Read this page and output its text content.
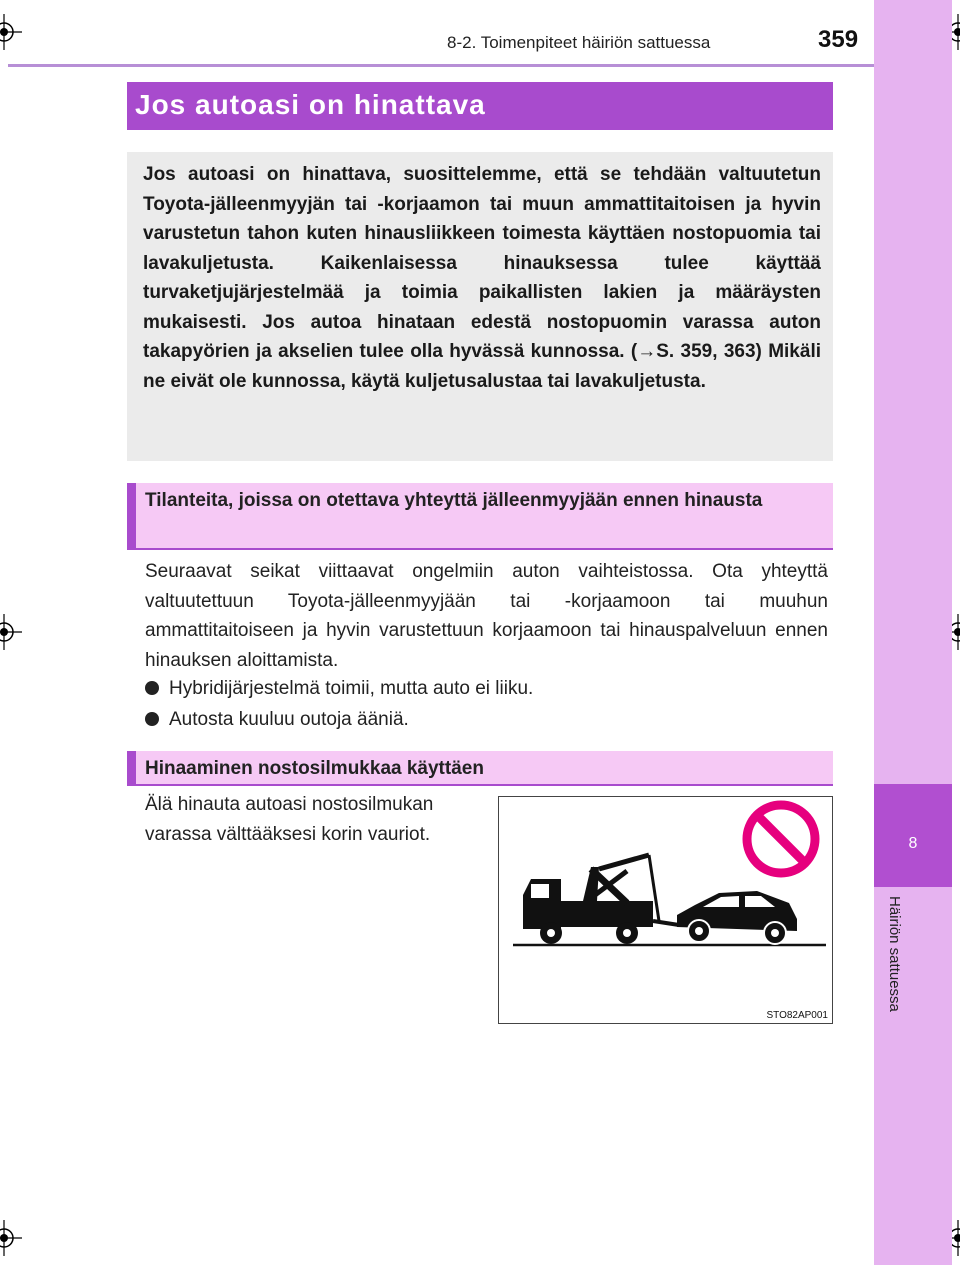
8
Häiriön sattuessa
8-2. Toimenpiteet häiriön sattuessa	359
Jos autoasi on hinattava

Jos autoasi on hinattava, suosittelemme, että se tehdään valtuutetun Toyota-jälleenmyyjän tai -korjaamon tai muun ammattitaitoisen ja hyvin varustetun tahon kuten hinausliikkeen toimesta käyttäen nostopuomia tai lavakuljetusta. Kaikenlaisessa hinauksessa tulee käyttää turvaketjujärjestelmää ja toimia paikallisten lakien ja määräysten mukaisesti. Jos autoa hinataan edestä nostopuomin varassa auton takapyörien ja akselien tulee olla hyvässä kunnossa. (→S. 359, 363) Mikäli ne eivät ole kunnossa, käytä kuljetusalustaa tai lavakuljetusta.

Tilanteita, joissa on otettava yhteyttä jälleenmyyjään ennen hinausta

Seuraavat seikat viittaavat ongelmiin auton vaihteistossa. Ota yhteyttä valtuutettuun Toyota-jälleenmyyjään tai -korjaamoon tai muuhun ammattitaitoiseen ja hyvin varustettuun korjaamoon tai hinauspalveluun ennen hinauksen aloittamista.

Hybridijärjestelmä toimii, mutta auto ei liiku.
Autosta kuuluu outoja ääniä.
Hinaaminen nostosilmukkaa käyttäen

Älä hinauta autoasi nostosilmukan varassa välttääksesi korin vauriot.

STO82AP001
